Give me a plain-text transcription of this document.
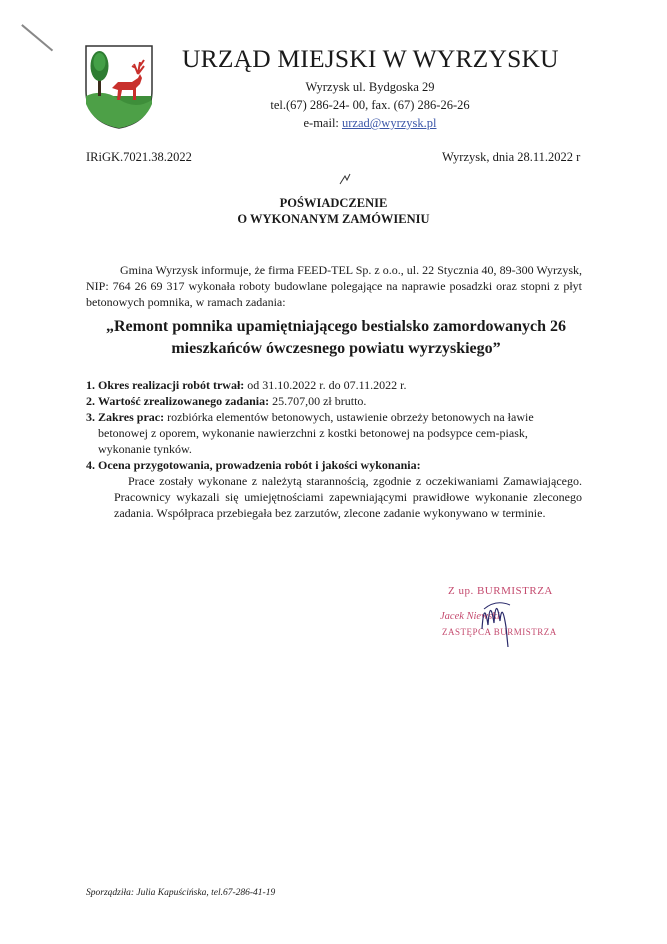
URZĄD MIEJSKI W WYRZYSKU
Wyrzysk ul. Bydgoska 29
tel.(67) 286-24- 00, fax. (67) 286-26-26
e-mail: urzad@wyrzysk.pl
IRiGK.7021.38.2022	Wyrzysk, dnia 28.11.2022 r
POŚWIADCZENIE
O WYKONANYM ZAMÓWIENIU
Gmina Wyrzysk informuje, że firma FEED-TEL Sp. z o.o., ul. 22 Stycznia 40, 89-300 Wyrzysk, NIP: 764 26 69 317 wykonała roboty budowlane polegające na naprawie posadzki oraz stopni z płyt betonowych pomnika, w ramach zadania:
„Remont pomnika upamiętniającego bestialsko zamordowanych 26 mieszkańców ówczesnego powiatu wyrzyskiego”
1. Okres realizacji robót trwał: od 31.10.2022 r. do 07.11.2022 r.
2. Wartość zrealizowanego zadania: 25.707,00 zł brutto.
3. Zakres prac: rozbiórka elementów betonowych, ustawienie obrzeży betonowych na ławie betonowej z oporem, wykonanie nawierzchni z kostki betonowej na podsypce cem-piask, wykonanie tynków.
4. Ocena przygotowania, prowadzenia robót i jakości wykonania:
Prace zostały wykonane z należytą starannością, zgodnie z oczekiwaniami Zamawiającego. Pracownicy wykazali się umiejętnościami zapewniającymi prawidłowe wykonanie zleconego zadania. Współpraca przebiegała bez zarzutów, zlecone zadanie wykonywano w terminie.
Z up. BURMISTRZA
Jacek Niewski
ZASTĘPCA BURMISTRZA
Sporządziła: Julia Kapuścińska, tel.67-286-41-19
